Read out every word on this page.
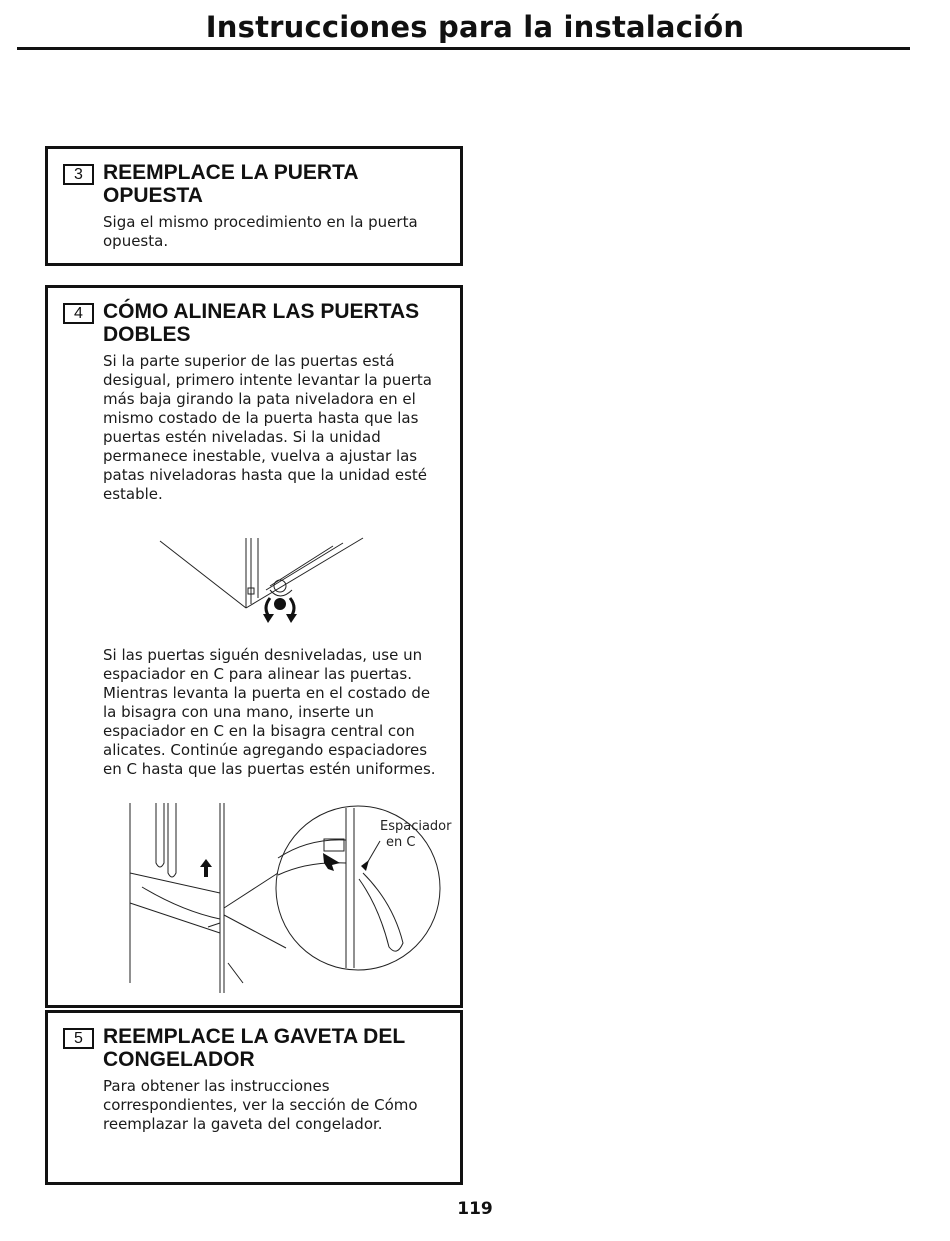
Instrucciones para la instalación
3 REEMPLACE LA PUERTA OPUESTA

Siga el mismo procedimiento en la puerta opuesta.

4 CÓMO ALINEAR LAS PUERTAS DOBLES

Si la parte superior de las puertas está desigual, primero intente levantar la puerta más baja girando la pata niveladora en el mismo costado de la puerta hasta que las puertas estén niveladas. Si la unidad permanece inestable, vuelva a ajustar las patas niveladoras hasta que la unidad esté estable.

Si las puertas siguén desniveladas, use un espaciador en C para alinear las puertas. Mientras levanta la puerta en el costado de la bisagra con una mano, inserte un espaciador en C en la bisagra central con alicates. Continúe agregando espaciadores en C hasta que las puertas estén uniformes.

Espaciador
en C
5 REEMPLACE LA GAVETA DEL CONGELADOR

Para obtener las instrucciones correspondientes, ver la sección de Cómo reemplazar la gaveta del congelador.

119
